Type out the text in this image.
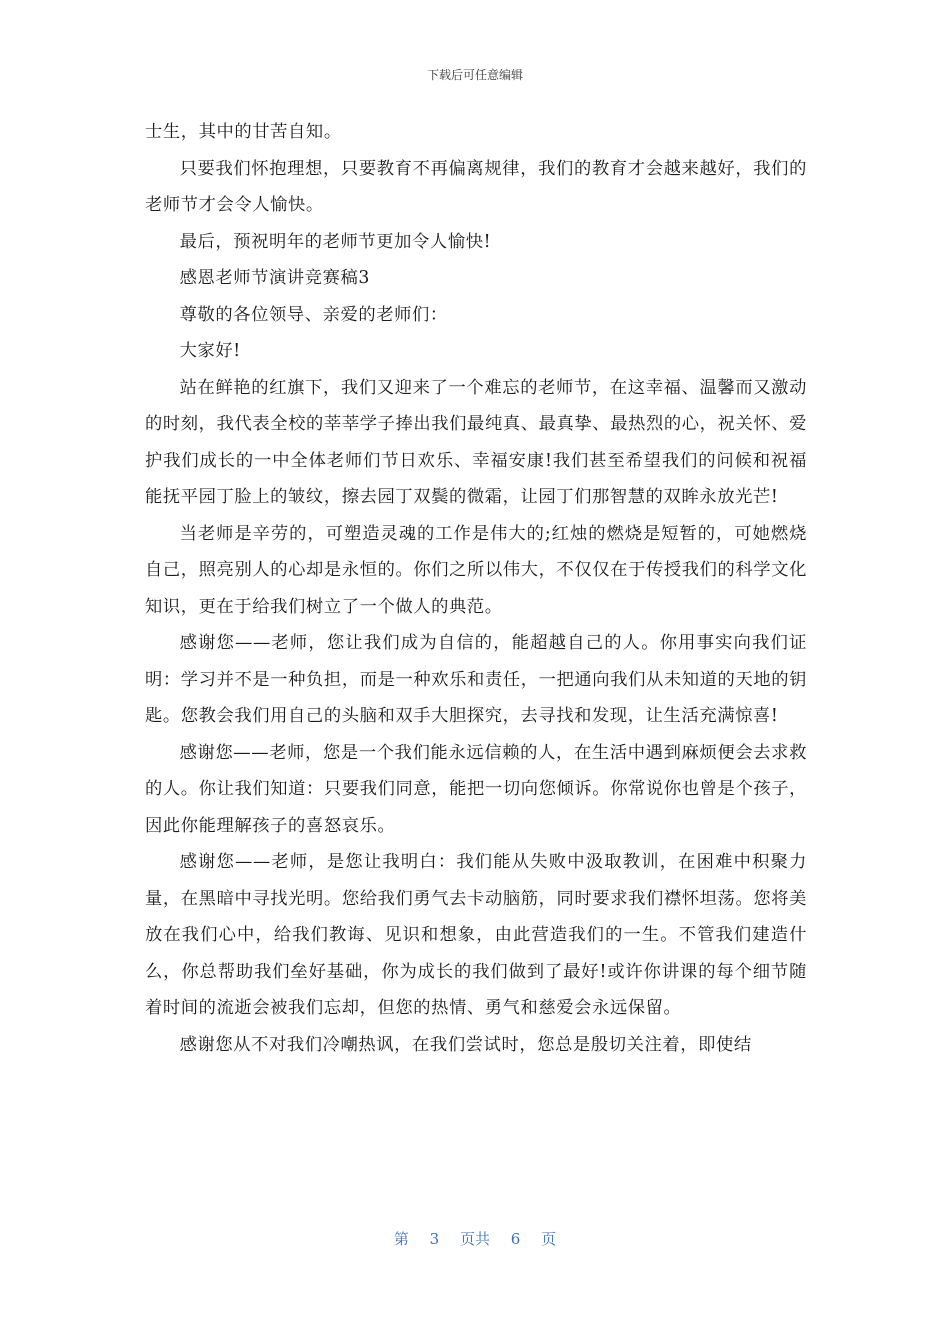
下载后可任意编辑

士生，其中的甘苦自知。

只要我们怀抱理想，只要教育不再偏离规律，我们的教育才会越来越好，我们的老师节才会令人愉快。

最后，预祝明年的老师节更加令人愉快!

感恩老师节演讲竞赛稿3

尊敬的各位领导、亲爱的老师们：

大家好!

站在鲜艳的红旗下，我们又迎来了一个难忘的老师节，在这幸福、温馨而又激动的时刻，我代表全校的莘莘学子捧出我们最纯真、最真挚、最热烈的心，祝关怀、爱护我们成长的一中全体老师们节日欢乐、幸福安康!我们甚至希望我们的问候和祝福能抚平园丁脸上的皱纹，擦去园丁双鬓的微霜，让园丁们那智慧的双眸永放光芒!

当老师是辛劳的，可塑造灵魂的工作是伟大的;红烛的燃烧是短暂的，可她燃烧自己，照亮别人的心却是永恒的。你们之所以伟大，不仅仅在于传授我们的科学文化知识，更在于给我们树立了一个做人的典范。

感谢您——老师，您让我们成为自信的，能超越自己的人。你用事实向我们证明：学习并不是一种负担，而是一种欢乐和责任，一把通向我们从未知道的天地的钥匙。您教会我们用自己的头脑和双手大胆探究，去寻找和发现，让生活充满惊喜!

感谢您——老师，您是一个我们能永远信赖的人，在生活中遇到麻烦便会去求救的人。你让我们知道：只要我们同意，能把一切向您倾诉。你常说你也曾是个孩子，因此你能理解孩子的喜怒哀乐。

感谢您——老师，是您让我明白：我们能从失败中汲取教训，在困难中积聚力量，在黑暗中寻找光明。您给我们勇气去卡动脑筋，同时要求我们襟怀坦荡。您将美放在我们心中，给我们教诲、见识和想象，由此营造我们的一生。不管我们建造什么，你总帮助我们垒好基础，你为成长的我们做到了最好!或许你讲课的每个细节随着时间的流逝会被我们忘却，但您的热情、勇气和慈爱会永远保留。

感谢您从不对我们冷嘲热讽，在我们尝试时，您总是殷切关注着，即使结

第 3 页共 6 页
